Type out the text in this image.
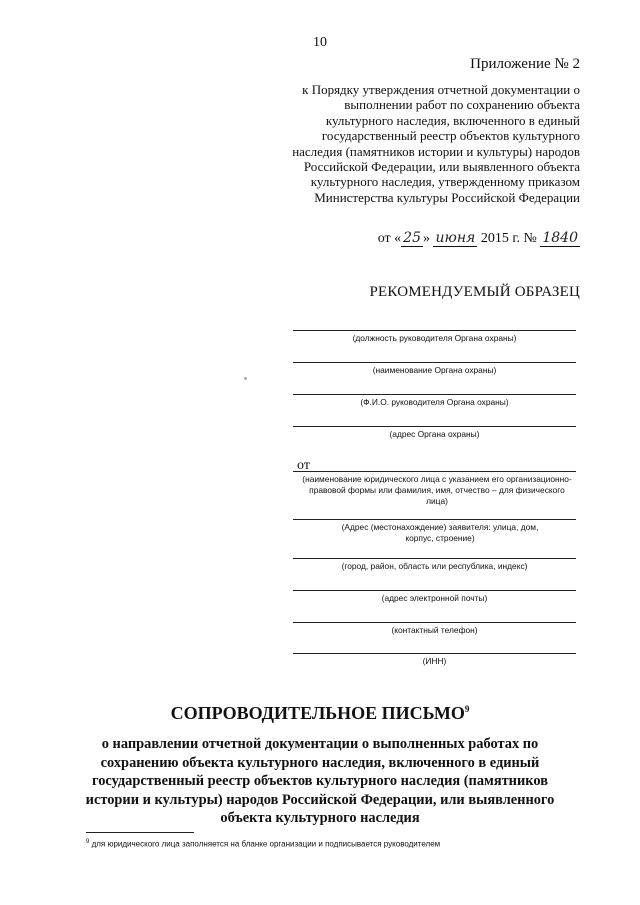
10
Приложение № 2
к Порядку утверждения отчетной документации о выполнении работ по сохранению объекта культурного наследия, включенного в единый государственный реестр объектов культурного наследия (памятников истории и культуры) народов Российской Федерации, или выявленного объекта культурного наследия, утвержденному приказом Министерства культуры Российской Федерации
от « 25 » июня 2015 г. № 1840
РЕКОМЕНДУЕМЫЙ ОБРАЗЕЦ
(должность руководителя Органа охраны)
(наименование Органа охраны)
(Ф.И.О. руководителя Органа охраны)
(адрес Органа охраны)
от
(наименование юридического лица с указанием его организационно-правовой формы или фамилия, имя, отчество – для физического лица)
(Адрес (местонахождение) заявителя: улица, дом, корпус, строение)
(город, район, область или республика, индекс)
(адрес электронной почты)
(контактный телефон)
(ИНН)
СОПРОВОДИТЕЛЬНОЕ ПИСЬМО$^9$
о направлении отчетной документации о выполненных работах по сохранению объекта культурного наследия, включенного в единый государственный реестр объектов культурного наследия (памятников истории и культуры) народов Российской Федерации, или выявленного объекта культурного наследия
$^9$ для юридического лица заполняется на бланке организации и подписывается руководителем
